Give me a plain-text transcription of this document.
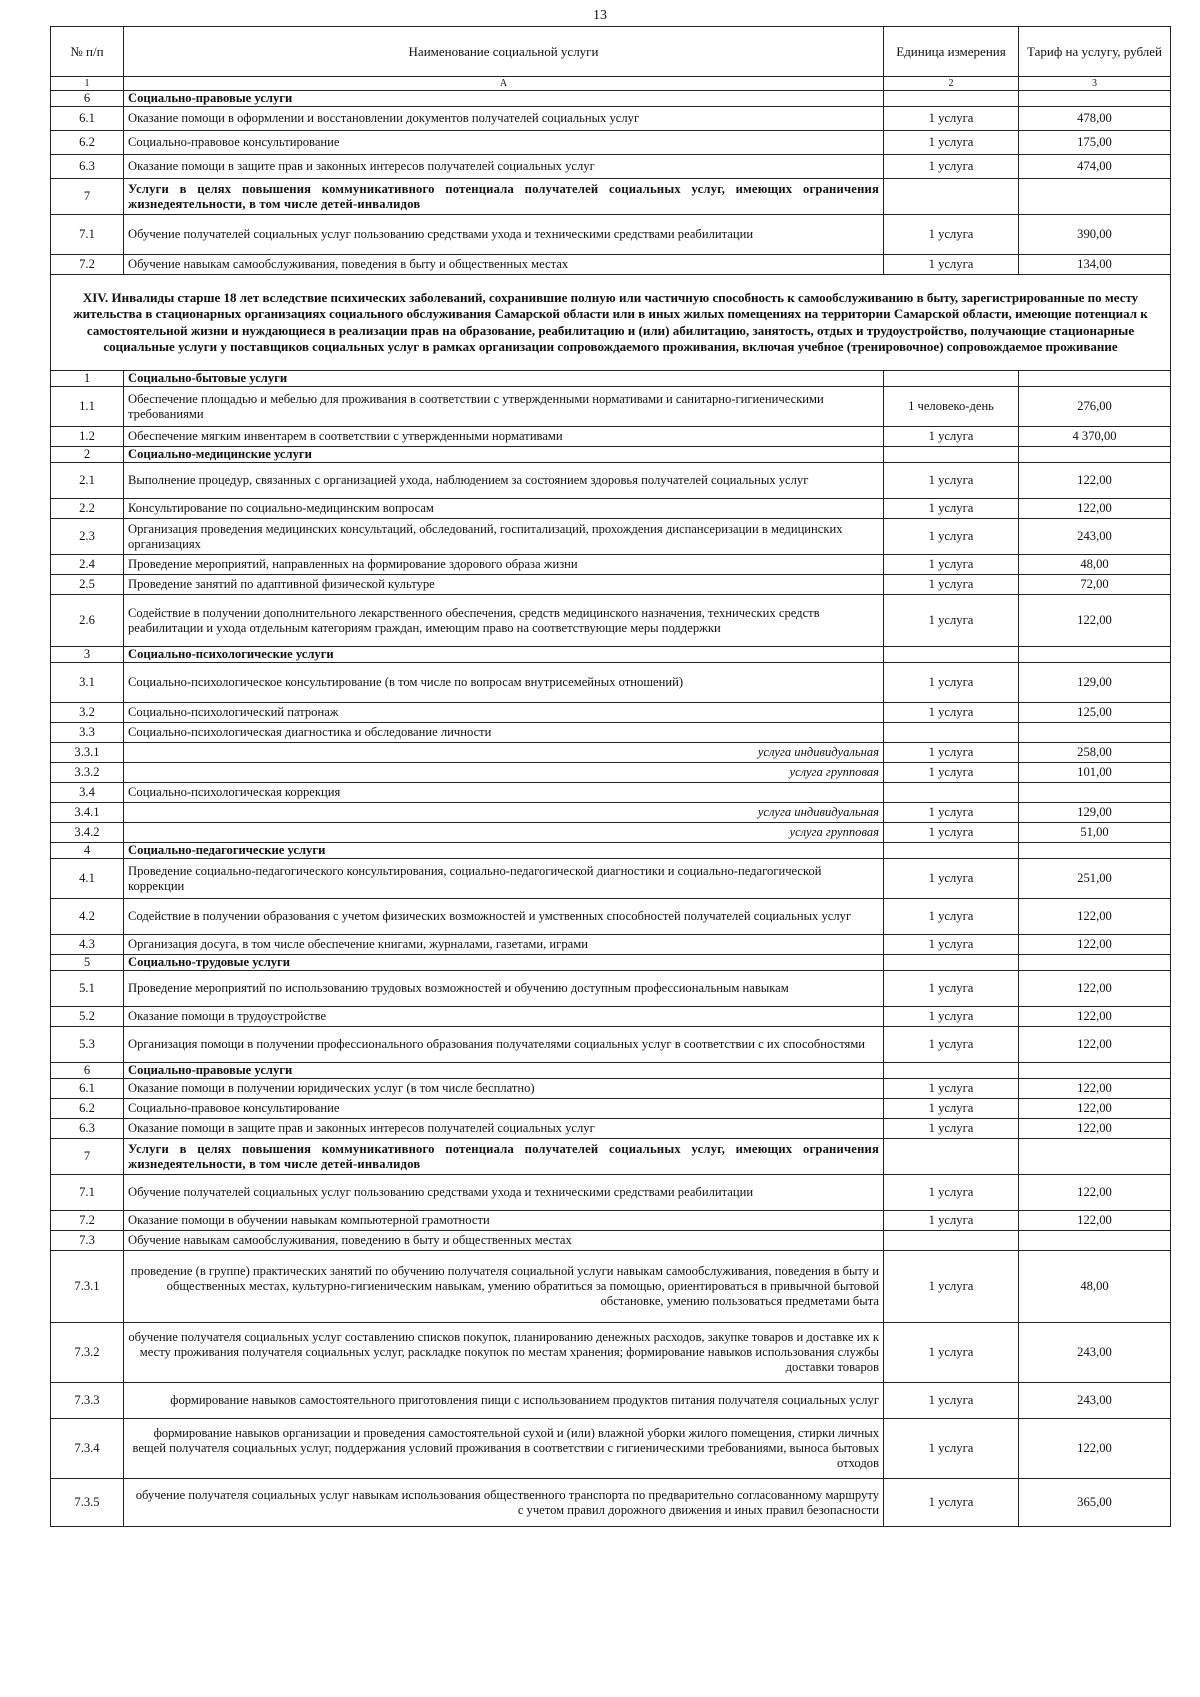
13
№ п/п	Наименование социальной услуги	Единица измерения	Тариф на услугу, рублей
1	А	2	3
6	Социально-правовые услуги		
6.1	Оказание помощи в оформлении и восстановлении документов получателей социальных услуг	1 услуга	478,00
6.2	Социально-правовое консультирование	1 услуга	175,00
6.3	Оказание помощи в защите прав и законных интересов получателей социальных услуг	1 услуга	474,00
7	Услуги в целях повышения коммуникативного потенциала получателей социальных услуг, имеющих ограничения жизнедеятельности, в том числе детей-инвалидов		
7.1	Обучение получателей социальных услуг пользованию средствами ухода и техническими средствами реабилитации	1 услуга	390,00
7.2	Обучение навыкам самообслуживания, поведения в быту и общественных местах	1 услуга	134,00
XIV. Инвалиды старше 18 лет вследствие психических заболеваний, сохранившие полную или частичную способность к самообслуживанию в быту, зарегистрированные по месту жительства в стационарных организациях социального обслуживания Самарской области или в иных жилых помещениях на территории Самарской области, имеющие потенциал к самостоятельной жизни и нуждающиеся в реализации прав на образование, реабилитацию и (или) абилитацию, занятость, отдых и трудоустройство, получающие стационарные социальные услуги у поставщиков социальных услуг в рамках организации сопровождаемого проживания, включая учебное (тренировочное) сопровождаемое проживание			
1	Социально-бытовые услуги		
1.1	Обеспечение площадью и мебелью для проживания в соответствии с утвержденными нормативами и санитарно-гигиеническими требованиями	1 человеко-день	276,00
1.2	Обеспечение мягким инвентарем в соответствии с утвержденными нормативами	1 услуга	4 370,00
2	Социально-медицинские услуги		
2.1	Выполнение процедур, связанных с организацией ухода, наблюдением за состоянием здоровья получателей социальных услуг	1 услуга	122,00
2.2	Консультирование по социально-медицинским вопросам	1 услуга	122,00
2.3	Организация проведения медицинских консультаций, обследований, госпитализаций, прохождения диспансеризации в медицинских организациях	1 услуга	243,00
2.4	Проведение мероприятий, направленных на формирование здорового образа жизни	1 услуга	48,00
2.5	Проведение занятий по адаптивной физической культуре	1 услуга	72,00
2.6	Содействие в получении дополнительного лекарственного обеспечения, средств медицинского назначения, технических средств реабилитации и ухода отдельным категориям граждан, имеющим право на соответствующие меры поддержки	1 услуга	122,00
3	Социально-психологические услуги		
3.1	Социально-психологическое консультирование (в том числе по вопросам внутрисемейных отношений)	1 услуга	129,00
3.2	Социально-психологический патронаж	1 услуга	125,00
3.3	Социально-психологическая диагностика и обследование личности		
3.3.1	услуга индивидуальная	1 услуга	258,00
3.3.2	услуга групповая	1 услуга	101,00
3.4	Социально-психологическая коррекция		
3.4.1	услуга индивидуальная	1 услуга	129,00
3.4.2	услуга групповая	1 услуга	51,00
4	Социально-педагогические услуги		
4.1	Проведение социально-педагогического консультирования, социально-педагогической диагностики и социально-педагогической коррекции	1 услуга	251,00
4.2	Содействие в получении образования с учетом физических возможностей и умственных способностей получателей социальных услуг	1 услуга	122,00
4.3	Организация досуга, в том числе обеспечение книгами, журналами, газетами, играми	1 услуга	122,00
5	Социально-трудовые услуги		
5.1	Проведение мероприятий по использованию трудовых возможностей и обучению доступным профессиональным навыкам	1 услуга	122,00
5.2	Оказание помощи в трудоустройстве	1 услуга	122,00
5.3	Организация помощи в получении профессионального образования получателями социальных услуг в соответствии с их способностями	1 услуга	122,00
6	Социально-правовые услуги		
6.1	Оказание помощи в получении юридических услуг (в том числе бесплатно)	1 услуга	122,00
6.2	Социально-правовое консультирование	1 услуга	122,00
6.3	Оказание помощи в защите прав и законных интересов получателей социальных услуг	1 услуга	122,00
7	Услуги в целях повышения коммуникативного потенциала получателей социальных услуг, имеющих ограничения жизнедеятельности, в том числе детей-инвалидов		
7.1	Обучение получателей социальных услуг пользованию средствами ухода и техническими средствами реабилитации	1 услуга	122,00
7.2	Оказание помощи в обучении навыкам компьютерной грамотности	1 услуга	122,00
7.3	Обучение навыкам самообслуживания, поведению в быту и общественных местах		
7.3.1	проведение (в группе) практических занятий по обучению получателя социальной услуги навыкам самообслуживания, поведения в быту и общественных местах, культурно-гигиеническим навыкам, умению обратиться за помощью, ориентироваться в привычной бытовой обстановке, умению пользоваться предметами быта	1 услуга	48,00
7.3.2	обучение получателя социальных услуг составлению списков покупок, планированию денежных расходов, закупке товаров и доставке их к месту проживания получателя социальных услуг, раскладке покупок по местам хранения; формирование навыков использования службы доставки товаров	1 услуга	243,00
7.3.3	формирование навыков самостоятельного приготовления пищи с использованием продуктов питания получателя социальных услуг	1 услуга	243,00
7.3.4	формирование навыков организации и проведения самостоятельной сухой и (или) влажной уборки жилого помещения, стирки личных вещей получателя социальных услуг, поддержания условий проживания в соответствии с гигиеническими требованиями, выноса бытовых отходов	1 услуга	122,00
7.3.5	обучение получателя социальных услуг навыкам использования общественного транспорта по предварительно согласованному маршруту с учетом правил дорожного движения и иных правил безопасности	1 услуга	365,00
